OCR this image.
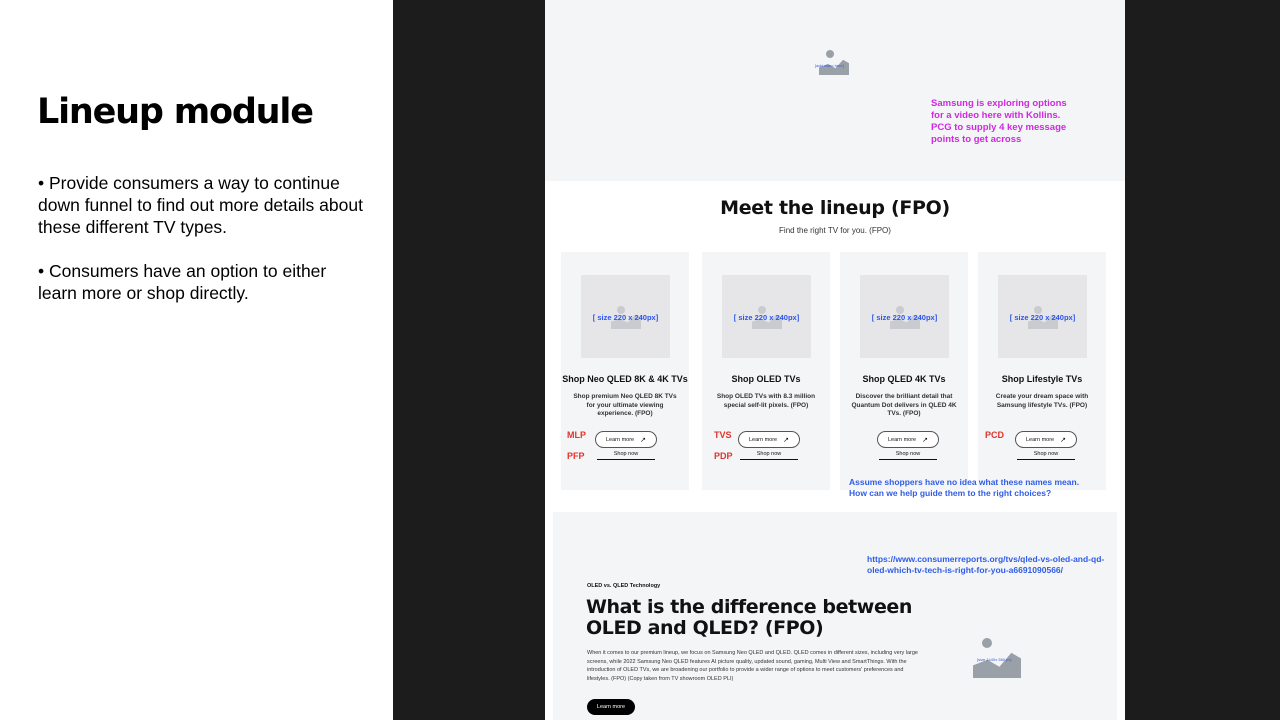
Lineup module

• Provide consumers a way to continue down funnel to find out more details about these different TV types.

• Consumers have an option to either learn more or shop directly.

[add video here]

Samsung is exploring options for a video here with Kollins. PCG to supply 4 key message points to get across

Meet the lineup (FPO)

Find the right TV for you. (FPO)

[ size 220 x 240px]
Shop Neo QLED 8K & 4K TVs
Shop premium Neo QLED 8K TVs for your ultimate viewing experience. (FPO)
MLP
PFP
Learn more ↗
Shop now
[ size 220 x 240px]
Shop OLED TVs
Shop OLED TVs with 8.3 million special self-lit pixels. (FPO)
TVS
PDP
Learn more ↗
Shop now
[ size 220 x 240px]
Shop QLED 4K TVs
Discover the brilliant detail that Quantum Dot delivers in QLED 4K TVs. (FPO)
Learn more ↗
Shop now
[ size 220 x 240px]
Shop Lifestyle TVs
Create your dream space with Samsung lifestyle TVs. (FPO)
PCD	Learn more ↗
Shop now

Assume shoppers have no idea what these names mean. How can we help guide them to the right choices?

https://www.consumerreports.org/tvs/qled-vs-oled-and-qd-oled-which-tv-tech-is-right-for-you-a6691090566/

OLED vs. QLED Technology

What is the difference between OLED and QLED? (FPO)

When it comes to our premium lineup, we focus on Samsung Neo QLED and QLED. QLED comes in different sizes, including very large screens, while 2022 Samsung Neo QLED features AI picture quality, updated sound, gaming, Multi View and SmartThings. With the introduction of OLED TVs, we are broadening our portfolio to provide a wider range of options to meet customers' preferences and lifestyles. (FPO) (Copy taken from TV showroom OLED PLI)

Learn more
[size 1440x 560 px]
